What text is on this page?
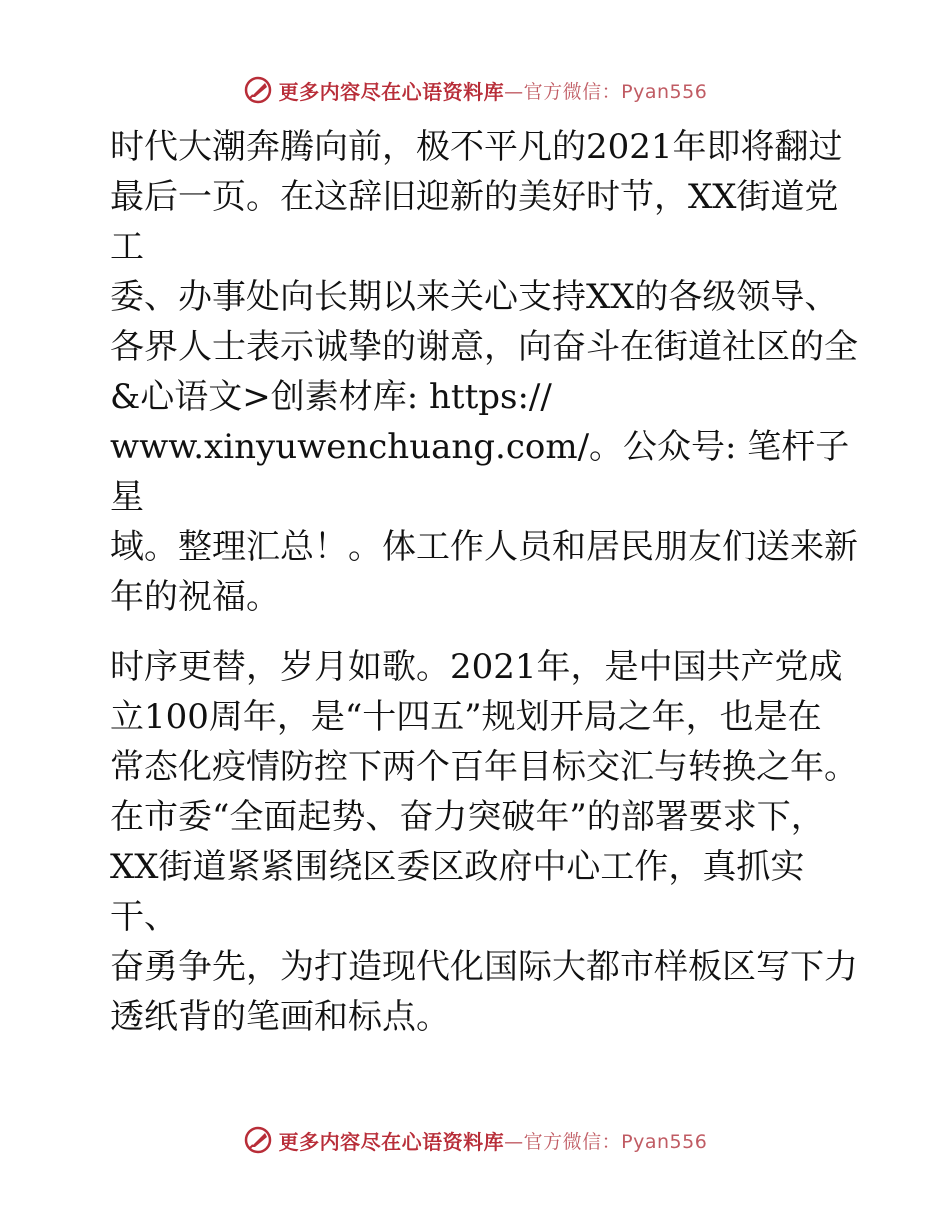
更多内容尽在心语资料库 —官方微信：Pyan556

时代大潮奔腾向前，极不平凡的2021年即将翻过
最后一页。在这辞旧迎新的美好时节，XX街道党工
委、办事处向长期以来关心支持XX的各级领导、
各界人士表示诚挚的谢意，向奋斗在街道社区的全
&心语文>创素材库: https://
www.xinyuwenchuang.com/。公众号: 笔杆子星
域。整理汇总！。体工作人员和居民朋友们送来新
年的祝福。

时序更替，岁月如歌。2021年，是中国共产党成
立100周年，是“十四五”规划开局之年，也是在
常态化疫情防控下两个百年目标交汇与转换之年。
在市委“全面起势、奋力突破年”的部署要求下，
XX街道紧紧围绕区委区政府中心工作，真抓实干、
奋勇争先，为打造现代化国际大都市样板区写下力
透纸背的笔画和标点。

更多内容尽在心语资料库 —官方微信：Pyan556
